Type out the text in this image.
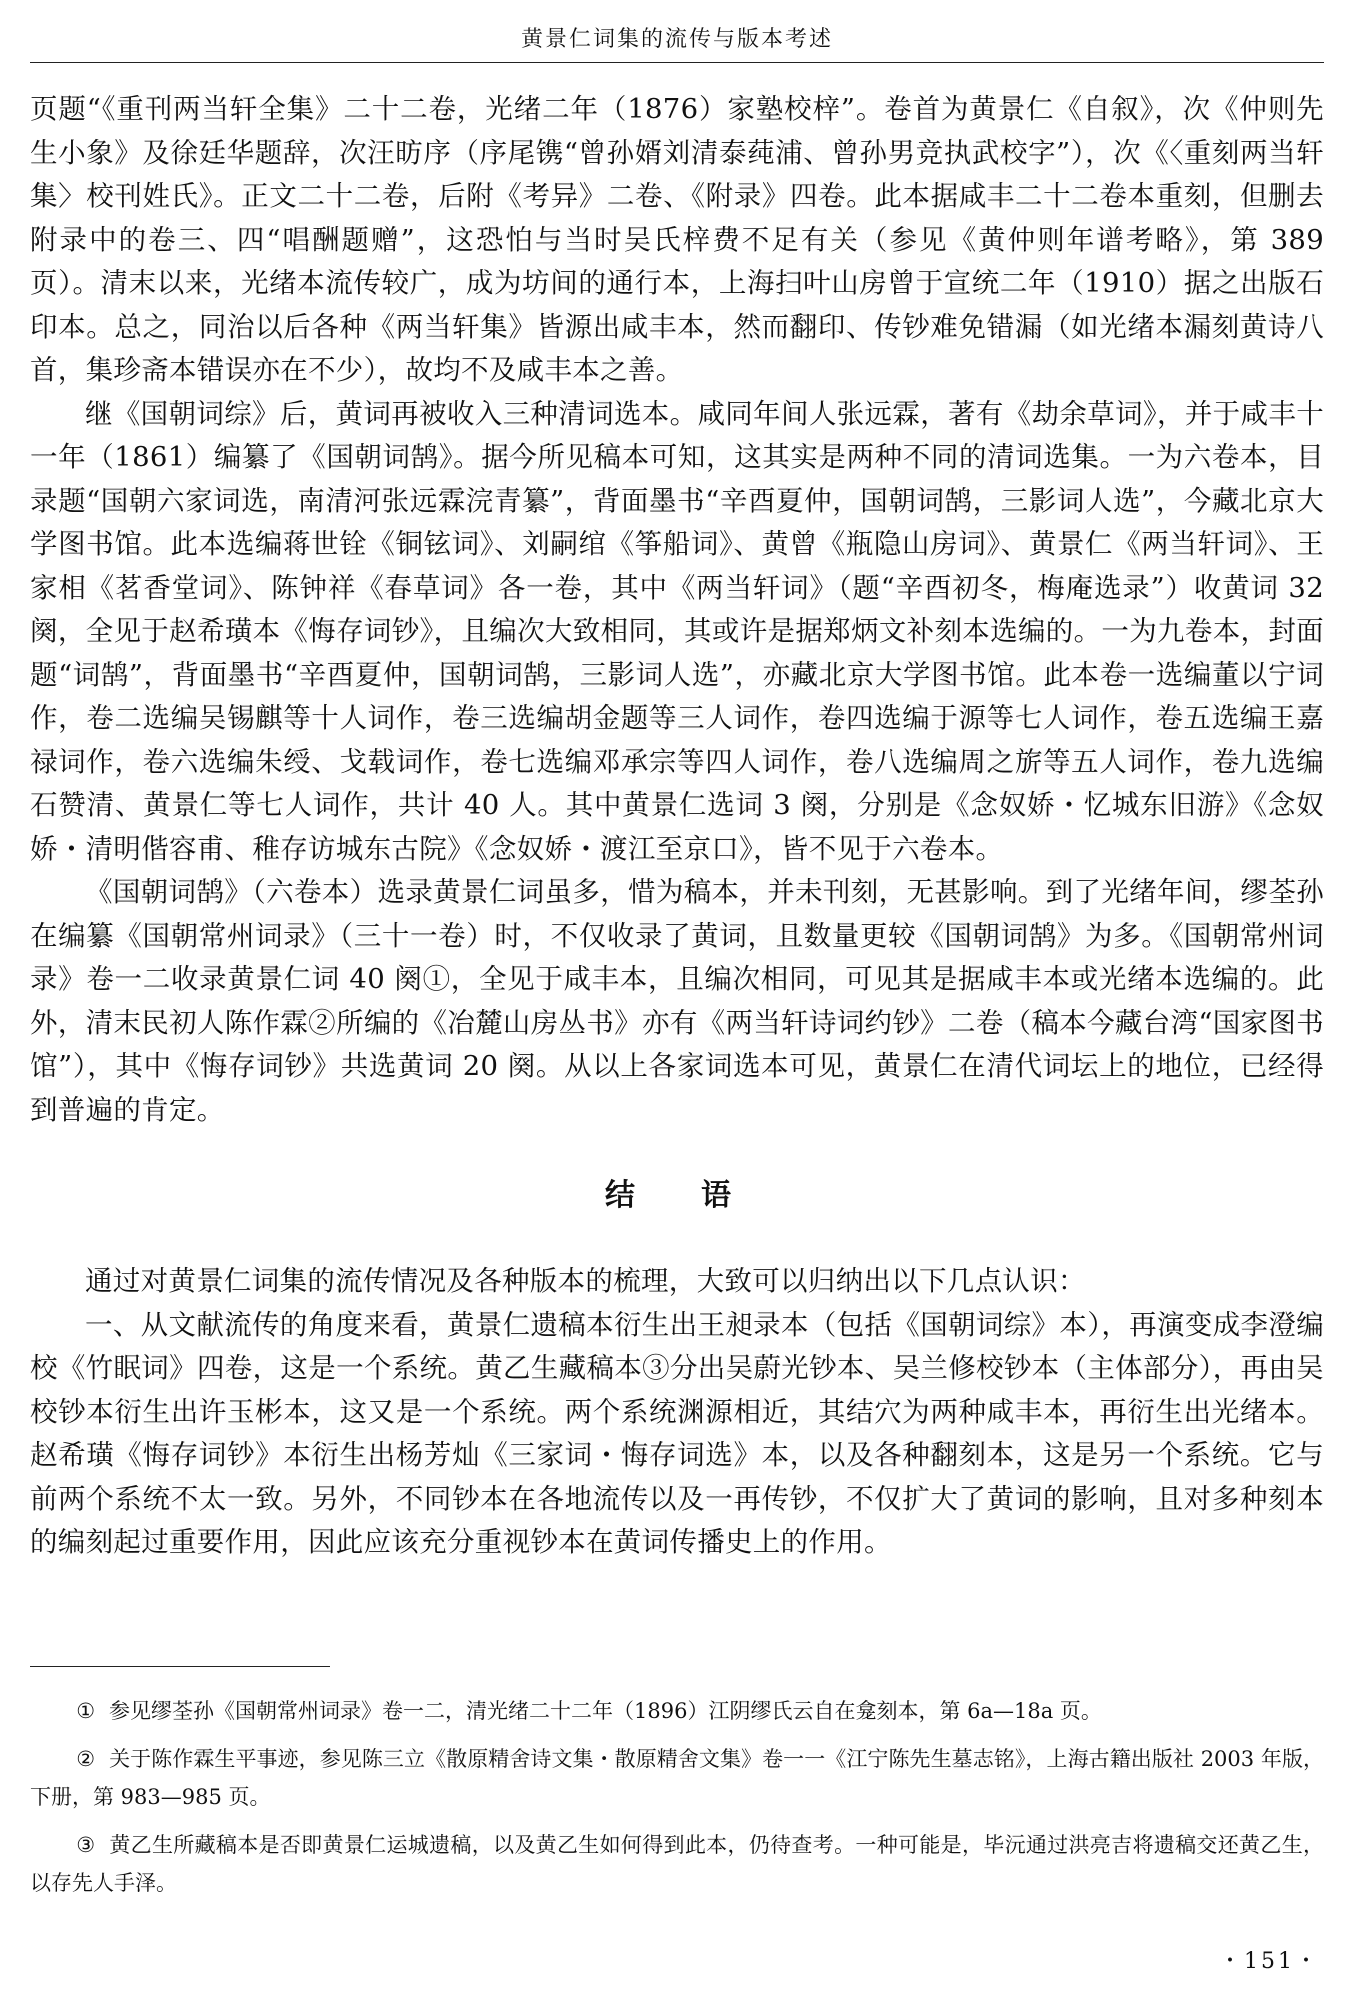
黄景仁词集的流传与版本考述

页题“《重刊两当轩全集》二十二卷，光绪二年（1876）家塾校梓”。卷首为黄景仁《自叙》，次《仲则先生小象》及徐廷华题辞，次汪昉序（序尾镌“曾孙婿刘清泰莼浦、曾孙男竞执武校字”），次《〈重刻两当轩集〉校刊姓氏》。正文二十二卷，后附《考异》二卷、《附录》四卷。此本据咸丰二十二卷本重刻，但删去附录中的卷三、四“唱酬题赠”，这恐怕与当时吴氏梓费不足有关（参见《黄仲则年谱考略》，第 389 页）。清末以来，光绪本流传较广，成为坊间的通行本，上海扫叶山房曾于宣统二年（1910）据之出版石印本。总之，同治以后各种《两当轩集》皆源出咸丰本，然而翻印、传钞难免错漏（如光绪本漏刻黄诗八首，集珍斋本错误亦在不少），故均不及咸丰本之善。

继《国朝词综》后，黄词再被收入三种清词选本。咸同年间人张远霖，著有《劫余草词》，并于咸丰十一年（1861）编纂了《国朝词鹄》。据今所见稿本可知，这其实是两种不同的清词选集。一为六卷本，目录题“国朝六家词选，南清河张远霖浣青纂”，背面墨书“辛酉夏仲，国朝词鹄，三影词人选”，今藏北京大学图书馆。此本选编蒋世铨《铜铉词》、刘嗣绾《筝船词》、黄曾《瓶隐山房词》、黄景仁《两当轩词》、王家相《茗香堂词》、陈钟祥《春草词》各一卷，其中《两当轩词》（题“辛酉初冬，梅庵选录”）收黄词 32 阕，全见于赵希璜本《悔存词钞》，且编次大致相同，其或许是据郑炳文补刻本选编的。一为九卷本，封面题“词鹄”，背面墨书“辛酉夏仲，国朝词鹄，三影词人选”，亦藏北京大学图书馆。此本卷一选编董以宁词作，卷二选编吴锡麒等十人词作，卷三选编胡金题等三人词作，卷四选编于源等七人词作，卷五选编王嘉禄词作，卷六选编朱绶、戈载词作，卷七选编邓承宗等四人词作，卷八选编周之旂等五人词作，卷九选编石赞清、黄景仁等七人词作，共计 40 人。其中黄景仁选词 3 阕，分别是《念奴娇・忆城东旧游》《念奴娇・清明偕容甫、稚存访城东古院》《念奴娇・渡江至京口》，皆不见于六卷本。

《国朝词鹄》（六卷本）选录黄景仁词虽多，惜为稿本，并未刊刻，无甚影响。到了光绪年间，缪荃孙在编纂《国朝常州词录》（三十一卷）时，不仅收录了黄词，且数量更较《国朝词鹄》为多。《国朝常州词录》卷一二收录黄景仁词 40 阕①，全见于咸丰本，且编次相同，可见其是据咸丰本或光绪本选编的。此外，清末民初人陈作霖②所编的《冶麓山房丛书》亦有《两当轩诗词约钞》二卷（稿本今藏台湾“国家图书馆”），其中《悔存词钞》共选黄词 20 阕。从以上各家词选本可见，黄景仁在清代词坛上的地位，已经得到普遍的肯定。

结　语

通过对黄景仁词集的流传情况及各种版本的梳理，大致可以归纳出以下几点认识：

一、从文献流传的角度来看，黄景仁遗稿本衍生出王昶录本（包括《国朝词综》本），再演变成李澄编校《竹眠词》四卷，这是一个系统。黄乙生藏稿本③分出吴蔚光钞本、吴兰修校钞本（主体部分），再由吴校钞本衍生出许玉彬本，这又是一个系统。两个系统渊源相近，其结穴为两种咸丰本，再衍生出光绪本。赵希璜《悔存词钞》本衍生出杨芳灿《三家词・悔存词选》本，以及各种翻刻本，这是另一个系统。它与前两个系统不太一致。另外，不同钞本在各地流传以及一再传钞，不仅扩大了黄词的影响，且对多种刻本的编刻起过重要作用，因此应该充分重视钞本在黄词传播史上的作用。

① 参见缪荃孙《国朝常州词录》卷一二，清光绪二十二年（1896）江阴缪氏云自在龛刻本，第 6a—18a 页。

② 关于陈作霖生平事迹，参见陈三立《散原精舍诗文集・散原精舍文集》卷一一《江宁陈先生墓志铭》，上海古籍出版社 2003 年版，下册，第 983—985 页。

③ 黄乙生所藏稿本是否即黄景仁运城遗稿，以及黄乙生如何得到此本，仍待查考。一种可能是，毕沅通过洪亮吉将遗稿交还黄乙生，以存先人手泽。

・151・
